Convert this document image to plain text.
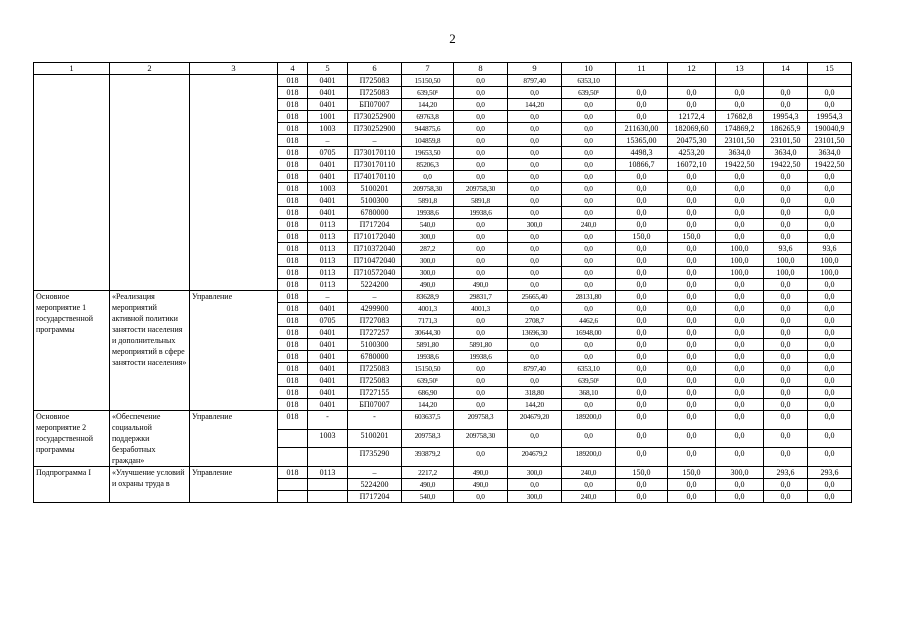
2
1	2	3	4	5	6	7	8	9	10	11	12	13	14	15
			018	0401	П725083	15150,50	0,0	8797,40	6353,10					
			018	0401	П725083	639,50¹	0,0	0,0	639,50¹	0,0	0,0	0,0	0,0	0,0
			018	0401	БП07007	144,20	0,0	144,20	0,0	0,0	0,0	0,0	0,0	0,0
			018	1001	П730252900	69763,8	0,0	0,0	0,0	0,0	12172,4	17682,8	19954,3	19954,3
			018	1003	П730252900	944875,6	0,0	0,0	0,0	211630,00	182069,60	174869,2	186265,9	190040,9
			018	–	–	104859,8	0,0	0,0	0,0	15365,00	20475,30	23101,50	23101,50	23101,50
			018	0705	П730170110	19653,50	0,0	0,0	0,0	4498,3	4253,20	3634,0	3634,0	3634,0
			018	0401	П730170110	85206,3	0,0	0,0	0,0	10866,7	16072,10	19422,50	19422,50	19422,50
			018	0401	П740170110	0,0	0,0	0,0	0,0	0,0	0,0	0,0	0,0	0,0
			018	1003	5100201	209758,30	209758,30	0,0	0,0	0,0	0,0	0,0	0,0	0,0
			018	0401	5100300	5891,8	5891,8	0,0	0,0	0,0	0,0	0,0	0,0	0,0
			018	0401	6780000	19938,6	19938,6	0,0	0,0	0,0	0,0	0,0	0,0	0,0
			018	0113	П717204	540,0	0,0	300,0	240,0	0,0	0,0	0,0	0,0	0,0
			018	0113	П710172040	300,0	0,0	0,0	0,0	150,0	150,0	0,0	0,0	0,0
			018	0113	П710372040	287,2	0,0	0,0	0,0	0,0	0,0	100,0	93,6	93,6
			018	0113	П710472040	300,0	0,0	0,0	0,0	0,0	0,0	100,0	100,0	100,0
			018	0113	П710572040	300,0	0,0	0,0	0,0	0,0	0,0	100,0	100,0	100,0
			018	0113	5224200	490,0	490,0	0,0	0,0	0,0	0,0	0,0	0,0	0,0
Основное мероприятие 1 государственной программы	«Реализация мероприятий активной политики занятости населения и дополнительных мероприятий в сфере занятости населения»	Управление	018	–	–	83628,9	29831,7	25665,40	28131,80	0,0	0,0	0,0	0,0	0,0
			018	0401	4299900	4001,3	4001,3	0,0	0,0	0,0	0,0	0,0	0,0	0,0
			018	0705	П727083	7171,3	0,0	2708,7	4462,6	0,0	0,0	0,0	0,0	0,0
			018	0401	П727257	30644,30	0,0	13696,30	16948,00	0,0	0,0	0,0	0,0	0,0
			018	0401	5100300	5891,80	5891,80	0,0	0,0	0,0	0,0	0,0	0,0	0,0
			018	0401	6780000	19938,6	19938,6	0,0	0,0	0,0	0,0	0,0	0,0	0,0
			018	0401	П725083	15150,50	0,0	8797,40	6353,10	0,0	0,0	0,0	0,0	0,0
			018	0401	П725083	639,50¹	0,0	0,0	639,50¹	0,0	0,0	0,0	0,0	0,0
			018	0401	П727155	686,90	0,0	318,80	368,10	0,0	0,0	0,0	0,0	0,0
			018	0401	БП07007	144,20	0,0	144,20	0,0	0,0	0,0	0,0	0,0	0,0
Основное мероприятие 2 государственной программы	«Обеспечение социальной поддержки безработных граждан»	Управление	018	-	-	603637,5	209758,3	204679,20	189200,0	0,0	0,0	0,0	0,0	0,0
				1003	5100201	209758,3	209758,30	0,0	0,0	0,0	0,0	0,0	0,0	0,0
					П735290	393879,2	0,0	204679,2	189200,0	0,0	0,0	0,0	0,0	0,0
Подпрограмма I	«Улучшение условий и охраны труда в	Управление	018	0113	–	2217,2	490,0	300,0	240,0	150,0	150,0	300,0	293,6	293,6
					5224200	490,0	490,0	0,0	0,0	0,0	0,0	0,0	0,0	0,0
					П717204	540,0	0,0	300,0	240,0	0,0	0,0	0,0	0,0	0,0
